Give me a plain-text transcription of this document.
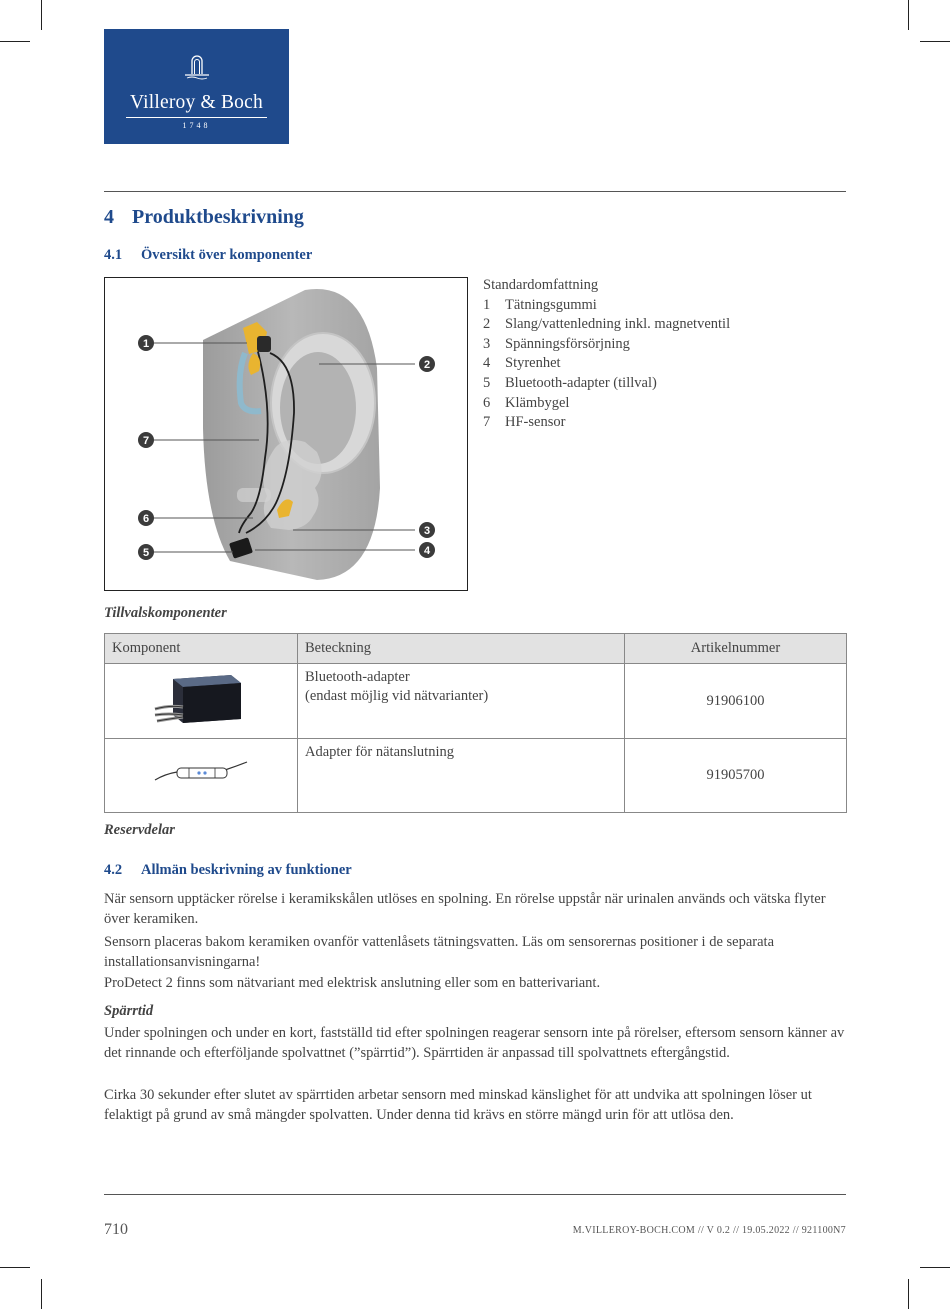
Villeroy & Boch
1748
4 Produktbeskrivning
4.1 Översikt över komponenter
1
2
7
6
3
5	4
Standardomfattning
1 Tätningsgummi
2 Slang/vattenledning inkl. magnetventil
3 Spänningsförsörjning
4 Styrenhet
5 Bluetooth-adapter (tillval)
6 Klämbygel
7 HF-sensor
Tillvalskomponenter
Komponent	Beteckning	Artikelnummer

Bluetooth-adapter
(endast möjlig vid nätvarianter)	91906100

Adapter för nätanslutning	91905700
Reservdelar
4.2 Allmän beskrivning av funktioner
När sensorn upptäcker rörelse i keramikskålen utlöses en spolning. En rörelse uppstår när urinalen används och vätska flyter över keramiken.
Sensorn placeras bakom keramiken ovanför vattenlåsets tätningsvatten. Läs om sensorernas positioner i de separata installationsanvisningarna!
ProDetect 2 finns som nätvariant med elektrisk anslutning eller som en batterivariant.
Spärrtid
Under spolningen och under en kort, fastställd tid efter spolningen reagerar sensorn inte på rörelser, eftersom sensorn känner av det rinnande och efterföljande spolvattnet (”spärrtid”). Spärrtiden är anpassad till spolvattnets eftergångstid.
Cirka 30 sekunder efter slutet av spärrtiden arbetar sensorn med minskad känslighet för att undvika att spolningen löser ut felaktigt på grund av små mängder spolvatten. Under denna tid krävs en större mängd urin för att utlösa den.
710	M.VILLEROY-BOCH.COM // V 0.2 // 19.05.2022 // 921100N7
